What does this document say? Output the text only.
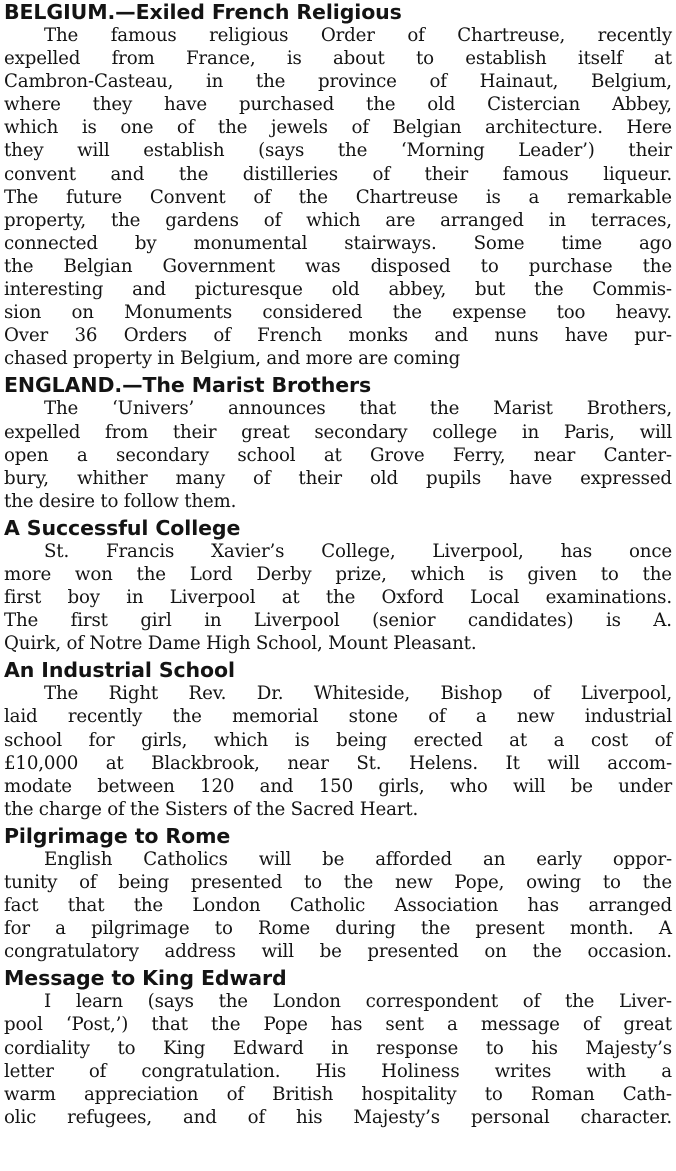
BELGIUM.—Exiled French Religious
The famous religious Order of Chartreuse, recently
expelled from France, is about to establish itself at
Cambron-Casteau, in the province of Hainaut, Belgium,
where they have purchased the old Cistercian Abbey,
which is one of the jewels of Belgian architecture. Here
they will establish (says the ‘Morning Leader’) their
convent and the distilleries of their famous liqueur.
The future Convent of the Chartreuse is a remarkable
property, the gardens of which are arranged in terraces,
connected by monumental stairways. Some time ago
the Belgian Government was disposed to purchase the
interesting and picturesque old abbey, but the Commis-
sion on Monuments considered the expense too heavy.
Over 36 Orders of French monks and nuns have pur-
chased property in Belgium, and more are coming
ENGLAND.—The Marist Brothers
The ‘Univers’ announces that the Marist Brothers,
expelled from their great secondary college in Paris, will
open a secondary school at Grove Ferry, near Canter-
bury, whither many of their old pupils have expressed
the desire to follow them.
A Successful College
St. Francis Xavier’s College, Liverpool, has once
more won the Lord Derby prize, which is given to the
first boy in Liverpool at the Oxford Local examinations.
The first girl in Liverpool (senior candidates) is A.
Quirk, of Notre Dame High School, Mount Pleasant.
An Industrial School
The Right Rev. Dr. Whiteside, Bishop of Liverpool,
laid recently the memorial stone of a new industrial
school for girls, which is being erected at a cost of
£10,000 at Blackbrook, near St. Helens. It will accom-
modate between 120 and 150 girls, who will be under
the charge of the Sisters of the Sacred Heart.
Pilgrimage to Rome
English Catholics will be afforded an early oppor-
tunity of being presented to the new Pope, owing to the
fact that the London Catholic Association has arranged
for a pilgrimage to Rome during the present month. A
congratulatory address will be presented on the occasion.
Message to King Edward
I learn (says the London correspondent of the Liver-
pool ‘Post,’) that the Pope has sent a message of great
cordiality to King Edward in response to his Majesty’s
letter of congratulation. His Holiness writes with a
warm appreciation of British hospitality to Roman Cath-
olic refugees, and of his Majesty’s personal character.
